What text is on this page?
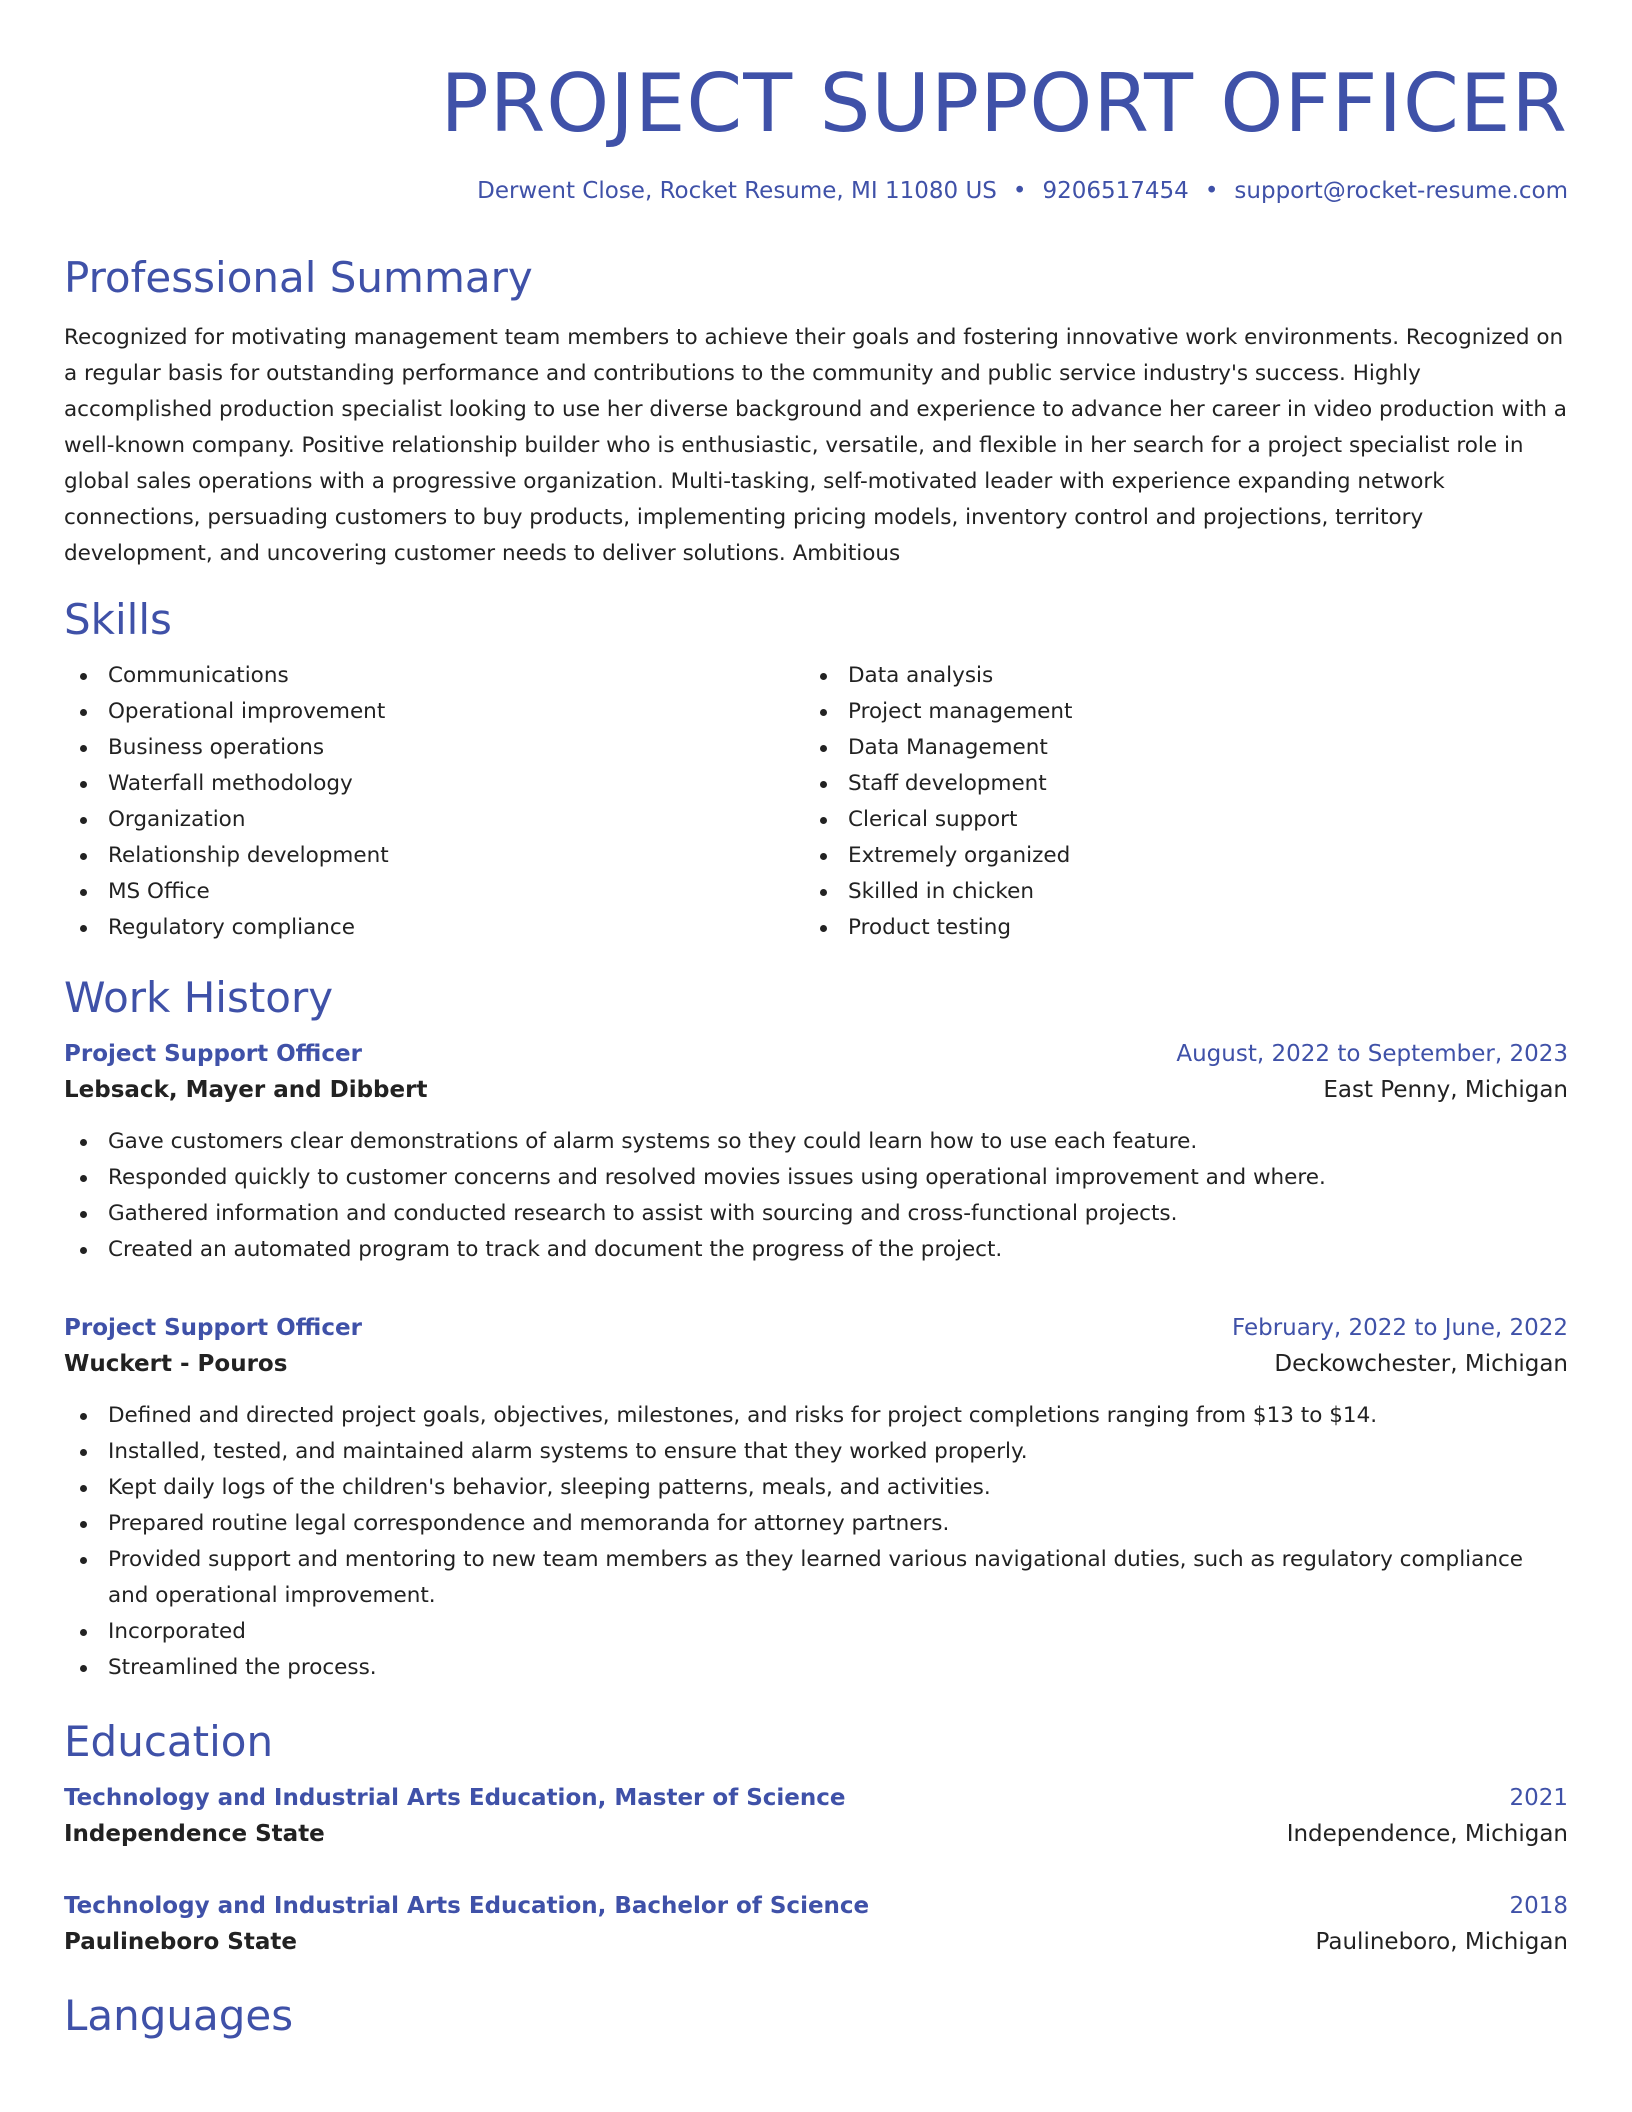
PROJECT SUPPORT OFFICER
Derwent Close, Rocket Resume, MI 11080 US • 9206517454 • support@rocket-resume.com
Professional Summary

Recognized for motivating management team members to achieve their goals and fostering innovative work environments. Recognized on a regular basis for outstanding performance and contributions to the community and public service industry's success. Highly accomplished production specialist looking to use her diverse background and experience to advance her career in video production with a well-known company. Positive relationship builder who is enthusiastic, versatile, and flexible in her search for a project specialist role in global sales operations with a progressive organization. Multi-tasking, self-motivated leader with experience expanding network connections, persuading customers to buy products, implementing pricing models, inventory control and projections, territory development, and uncovering customer needs to deliver solutions. Ambitious

Skills
Communications
Operational improvement
Business operations
Waterfall methodology
Organization
Relationship development
MS Office
Regulatory compliance
Data analysis
Project management
Data Management
Staff development
Clerical support
Extremely organized
Skilled in chicken
Product testing
Work History
Project Support Officer	August, 2022 to September, 2023
Lebsack, Mayer and Dibbert	East Penny, Michigan
Gave customers clear demonstrations of alarm systems so they could learn how to use each feature.
Responded quickly to customer concerns and resolved movies issues using operational improvement and where.
Gathered information and conducted research to assist with sourcing and cross-functional projects.
Created an automated program to track and document the progress of the project.
Project Support Officer	February, 2022 to June, 2022
Wuckert - Pouros	Deckowchester, Michigan
Defined and directed project goals, objectives, milestones, and risks for project completions ranging from $13 to $14.
Installed, tested, and maintained alarm systems to ensure that they worked properly.
Kept daily logs of the children's behavior, sleeping patterns, meals, and activities.
Prepared routine legal correspondence and memoranda for attorney partners.
Provided support and mentoring to new team members as they learned various navigational duties, such as regulatory compliance and operational improvement.
Incorporated
Streamlined the process.
Education
Technology and Industrial Arts Education, Master of Science	2021
Independence State	Independence, Michigan
Technology and Industrial Arts Education, Bachelor of Science	2018
Paulineboro State	Paulineboro, Michigan
Languages
